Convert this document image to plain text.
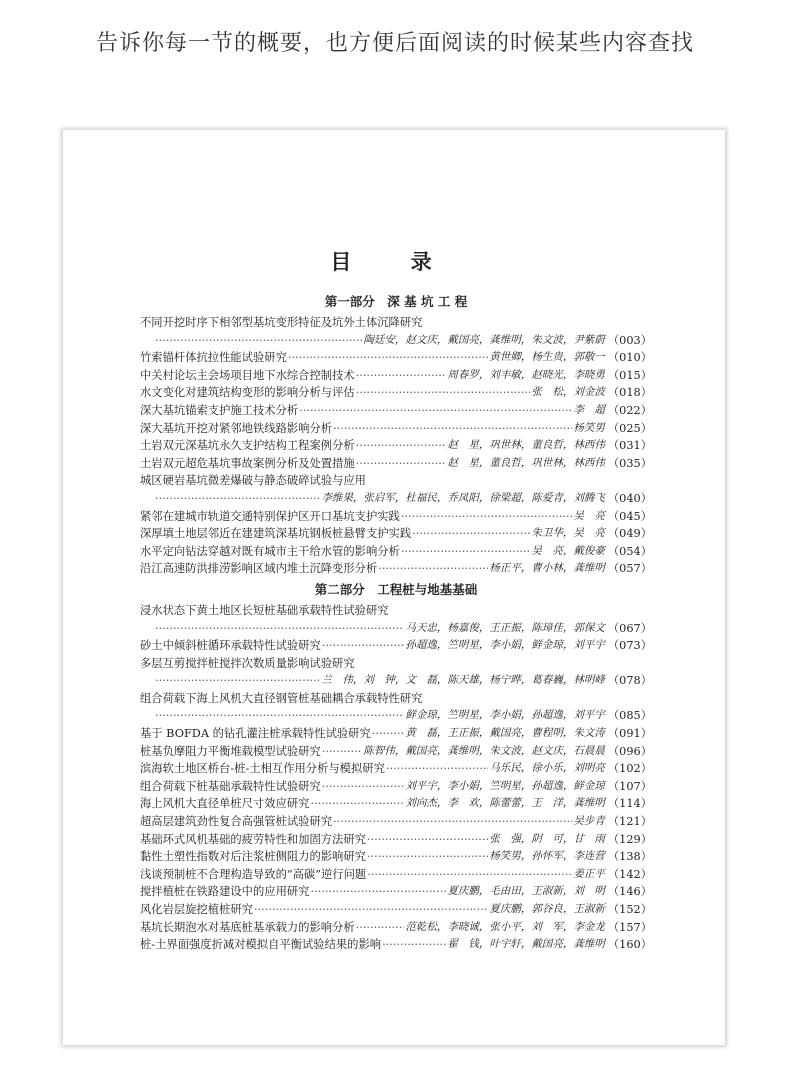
告诉你每一节的概要，也方便后面阅读的时候某些内容查找
目 录
第一部分　深 基 坑 工 程
不同开挖时序下相邻型基坑变形特征及坑外土体沉降研究
·····
陶廷安，赵文庆，戴国亮，龚维明，朱文波，尹紫蔚 （003）
竹索锚杆体抗拉性能试验研究 ·····	黄世卿，杨生贵，郭敬一 （010）
中关村论坛主会场项目地下水综合控制技术 ·····	周春罗，刘丰敏，赵晓光，李晓勇 （015）
水文变化对建筑结构变形的影响分析与评估 ·····	张　松，刘金波 （018）
深大基坑锚索支护施工技术分析 ·····	李　超 （022）
深大基坑开挖对紧邻地铁线路影响分析 ·····	杨笑男 （025）
土岩双元深基坑永久支护结构工程案例分析 ·····	赵　星，巩世林，董良哲，林西伟 （031）
土岩双元超危基坑事故案例分析及处置措施 ·····	赵　星，董良哲，巩世林，林西伟 （035）
城区硬岩基坑微差爆破与静态破碎试验与应用
·····
李维果，张启军，杜福民，乔凤阳，徐梁超，陈爱青，刘腾飞 （040）
紧邻在建城市轨道交通特别保护区开口基坑支护实践 ·····	吴　亮 （045）
深厚填土地层邻近在建建筑深基坑钢板桩悬臂支护实践 ·····	朱卫华，吴　亮 （049）
水平定向钻法穿越对既有城市主干给水管的影响分析 ·····	吴　亮，戴俊豪 （054）
沿江高速防洪排涝影响区域内堆土沉降变形分析 ·····	杨正平，曹小林，龚维明 （057）
第二部分　工程桩与地基基础
浸水状态下黄土地区长短桩基础承载特性试验研究
·····
马天忠，杨嘉俊，王正振，陈璋佳，郭保文 （067）
砂土中倾斜桩循环承载特性试验研究 ·····	孙超逸，竺明星，李小娟，鲜金琼，刘平宇 （073）
多层互剪搅拌桩搅拌次数质量影响试验研究
·····
兰　伟，刘　钟，文　磊，陈天雄，杨宁晔，葛春巍，林明峰 （078）
组合荷载下海上风机大直径钢管桩基础耦合承载特性研究
·····
鲜金琼，竺明星，李小娟，孙超逸，刘平宇 （085）
基于 BOFDA 的钻孔灌注桩承载特性试验研究 ·····	黄　磊，王正振，戴国亮，曹程明，朱文涛 （091）
桩基负摩阻力平衡堆载模型试验研究 ·····	陈智伟，戴国亮，龚维明，朱文波，赵文庆，石晨晨 （096）
滨海软土地区桥台-桩-土相互作用分析与模拟研究 ·····	马乐民，徐小乐，刘明亮 （102）
组合荷载下桩基础承载特性试验研究 ·····	刘平宇，李小娟，竺明星，孙超逸，鲜金琼 （107）
海上风机大直径单桩尺寸效应研究 ·····	刘向杰，李　欢，陈蕾蕾，王　洋，龚维明 （114）
超高层建筑劲性复合高强管桩试验研究 ·····	吴步青 （121）
基础环式风机基础的疲劳特性和加固方法研究 ·····	张　强，阴　可，甘　雨 （129）
黏性土塑性指数对后注浆桩侧阻力的影响研究 ·····	杨笑男，孙怀军，李连营 （138）
浅谈预制桩不合理构造导致的“高碳”逆行问题 ·····	姜正平 （142）
搅拌植桩在铁路建设中的应用研究 ·····	夏庆鹏，毛由田，王淑新，刘　明 （146）
风化岩层旋挖植桩研究 ·····	夏庆鹏，郭谷良，王淑新 （152）
基坑长期泡水对基底桩基承载力的影响分析 ·····	范乾松，李晓诚，张小平，刘　军，李金龙 （157）
桩-土界面强度折减对模拟自平衡试验结果的影响 ·····	翟　钱，叶宇轩，戴国亮，龚维明 （160）
